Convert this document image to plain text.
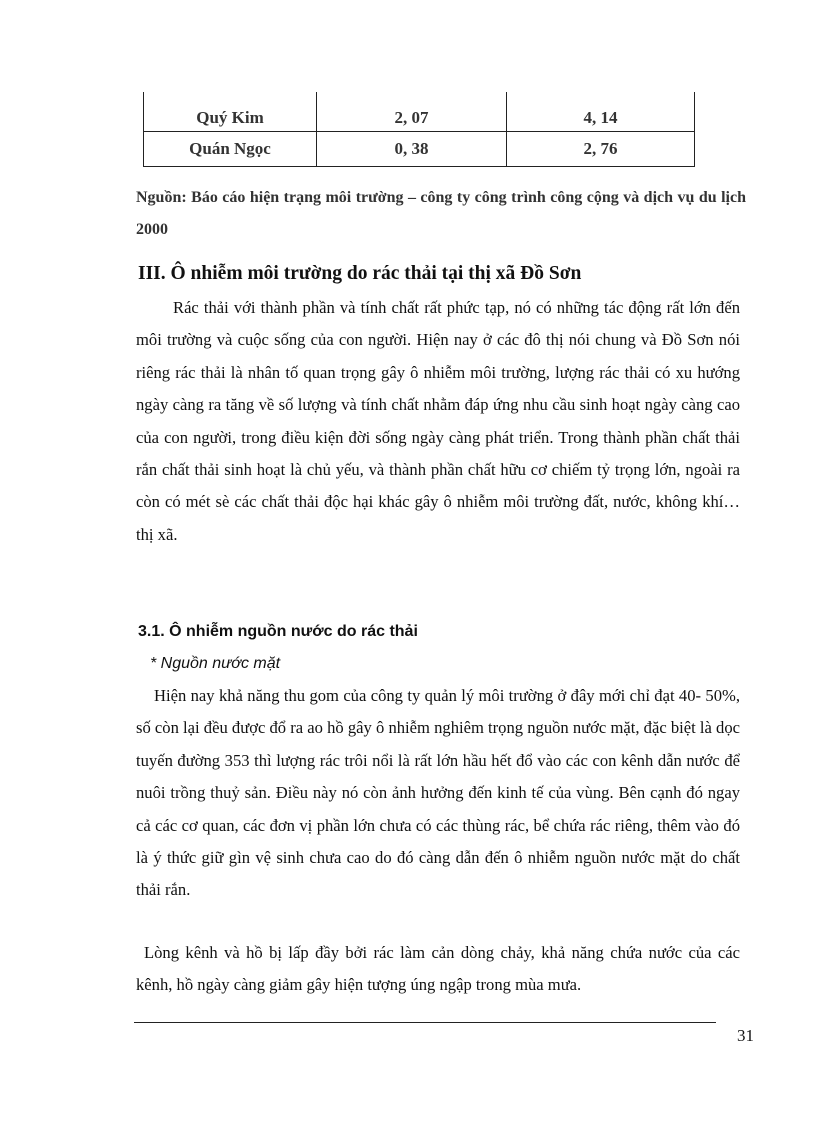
Quý Kim	2, 07	4, 14
Quán Ngọc	0, 38	2, 76

Nguồn: Báo cáo hiện trạng môi trường – công ty công trình công cộng và dịch vụ du lịch 2000

III. Ô nhiễm môi trường do rác thải tại thị xã Đồ Sơn

Rác thải với thành phần và tính chất rất phức tạp, nó có những tác động rất lớn đến môi trường và cuộc sống của con người. Hiện nay ở các đô thị nói chung và Đồ Sơn nói riêng rác thải là nhân tố quan trọng gây ô nhiễm môi trường, lượng rác thải có xu hướng ngày càng ra tăng về số lượng và tính chất nhằm đáp ứng nhu cầu sinh hoạt ngày càng cao của con người, trong điều kiện đời sống ngày càng phát triển. Trong thành phần chất thải rắn chất thải sinh hoạt là chủ yếu, và thành phần chất hữu cơ chiếm tỷ trọng lớn, ngoài ra còn có mét sè các chất thải độc hại khác gây ô nhiễm môi trường đất, nước, không khí… thị xã.

3.1. Ô nhiễm nguồn nước do rác thải

* Nguồn nước mặt

Hiện nay khả năng thu gom của công ty quản lý môi trường ở đây mới chỉ đạt 40- 50%, số còn lại đều được đổ ra ao hồ gây ô nhiễm nghiêm trọng nguồn nước mặt, đặc biệt là dọc tuyến đường 353 thì lượng rác trôi nổi là rất lớn hầu hết đổ vào các con kênh dẫn nước để nuôi trồng thuỷ sản. Điều này nó còn ảnh hưởng đến kinh tế của vùng. Bên cạnh đó ngay cả các cơ quan, các đơn vị phần lớn chưa có các thùng rác, bể chứa rác riêng, thêm vào đó là ý thức giữ gìn vệ sinh chưa cao do đó càng dẫn đến ô nhiễm nguồn nước mặt do chất thải rắn.

Lòng kênh và hồ bị lấp đầy bởi rác làm cản dòng chảy, khả năng chứa nước của các kênh, hồ ngày càng giảm gây hiện tượng úng ngập trong mùa mưa.

31
